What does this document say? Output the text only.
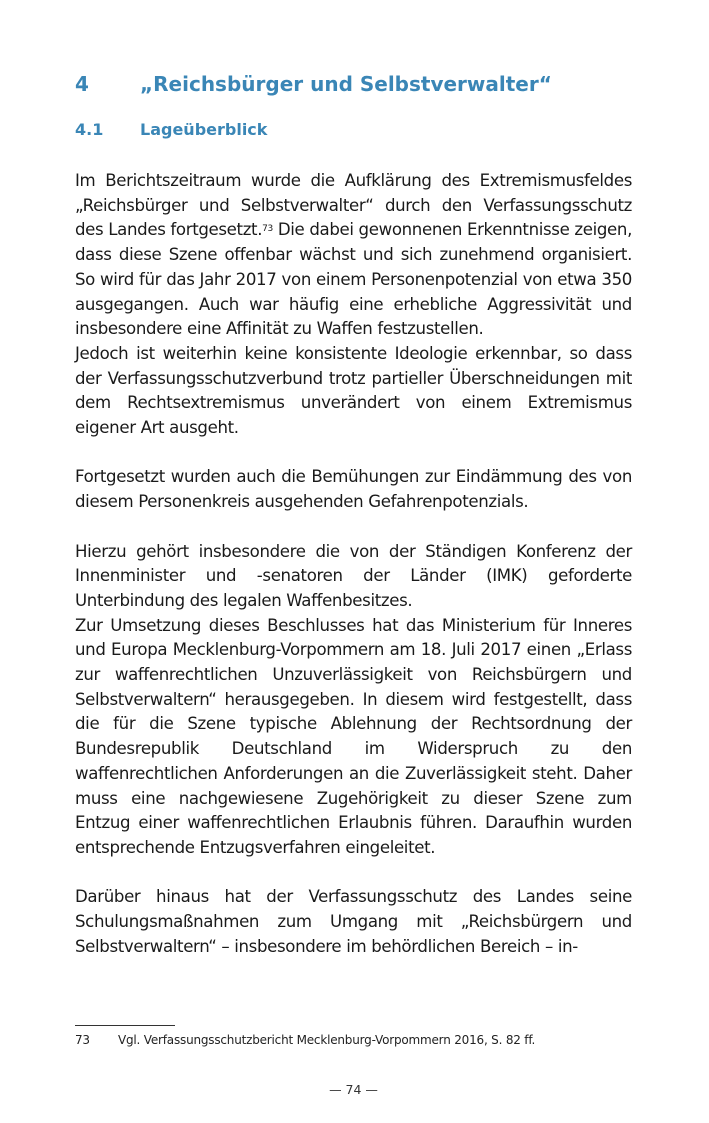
4	„Reichsbürger und Selbstverwalter“
4.1 Lageüberblick

Im Berichtszeitraum wurde die Aufklärung des Extremismusfeldes „Reichsbürger und Selbstverwalter“ durch den Verfassungsschutz des Landes fortgesetzt.$^{73}$ Die dabei gewonnenen Erkenntnisse zeigen, dass diese Szene offenbar wächst und sich zunehmend organisiert. So wird für das Jahr 2017 von einem Personenpotenzial von etwa 350 ausgegangen. Auch war häufig eine erhebliche Aggressivität und insbesondere eine Affinität zu Waffen festzustellen.

Jedoch ist weiterhin keine konsistente Ideologie erkennbar, so dass der Verfassungsschutzverbund trotz partieller Überschneidungen mit dem Rechtsextremismus unverändert von einem Extremismus eigener Art ausgeht.

Fortgesetzt wurden auch die Bemühungen zur Eindämmung des von diesem Personenkreis ausgehenden Gefahrenpotenzials.

Hierzu gehört insbesondere die von der Ständigen Konferenz der Innenminister und -senatoren der Länder (IMK) geforderte Unterbindung des legalen Waffenbesitzes.

Zur Umsetzung dieses Beschlusses hat das Ministerium für Inneres und Europa Mecklenburg-Vorpommern am 18. Juli 2017 einen „Erlass zur waffenrechtlichen Unzuverlässigkeit von Reichsbürgern und Selbstverwaltern“ herausgegeben. In diesem wird festgestellt, dass die für die Szene typische Ablehnung der Rechtsordnung der Bundesrepublik Deutschland im Widerspruch zu den waffenrechtlichen Anforderungen an die Zuverlässigkeit steht. Daher muss eine nachgewiesene Zugehörigkeit zu dieser Szene zum Entzug einer waffenrechtlichen Erlaubnis führen. Daraufhin wurden entsprechende Entzugsverfahren eingeleitet.

Darüber hinaus hat der Verfassungsschutz des Landes seine Schulungsmaßnahmen zum Umgang mit „Reichsbürgern und Selbstverwaltern“ – insbesondere im behördlichen Bereich – in-

73 Vgl. Verfassungsschutzbericht Mecklenburg-Vorpommern 2016, S. 82 ff.
— 74 —
